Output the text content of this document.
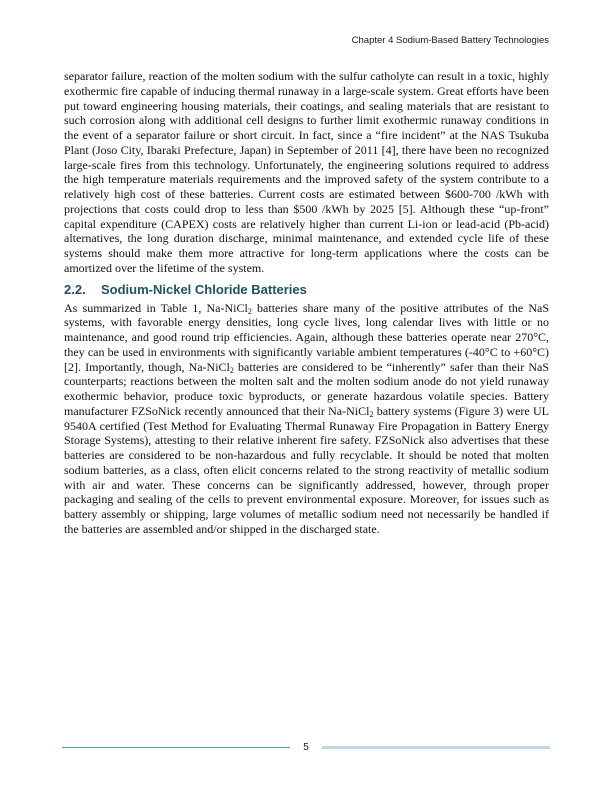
Chapter 4 Sodium-Based Battery Technologies

separator failure, reaction of the molten sodium with the sulfur catholyte can result in a toxic, highly exothermic fire capable of inducing thermal runaway in a large-scale system. Great efforts have been put toward engineering housing materials, their coatings, and sealing materials that are resistant to such corrosion along with additional cell designs to further limit exothermic runaway conditions in the event of a separator failure or short circuit. In fact, since a “fire incident” at the NAS Tsukuba Plant (Joso City, Ibaraki Prefecture, Japan) in September of 2011 [4], there have been no recognized large-scale fires from this technology. Unfortunately, the engineering solutions required to address the high temperature materials requirements and the improved safety of the system contribute to a relatively high cost of these batteries. Current costs are estimated between $600-700 /kWh with projections that costs could drop to less than $500 /kWh by 2025 [5]. Although these “up-front” capital expenditure (CAPEX) costs are relatively higher than current Li-ion or lead-acid (Pb-acid) alternatives, the long duration discharge, minimal maintenance, and extended cycle life of these systems should make them more attractive for long-term applications where the costs can be amortized over the lifetime of the system.

2.2. Sodium-Nickel Chloride Batteries

As summarized in Table 1, Na-NiCl$_2$ batteries share many of the positive attributes of the NaS systems, with favorable energy densities, long cycle lives, long calendar lives with little or no maintenance, and good round trip efficiencies. Again, although these batteries operate near 270°C, they can be used in environments with significantly variable ambient temperatures (-40°C to +60°C) [2]. Importantly, though, Na-NiCl$_2$ batteries are considered to be “inherently” safer than their NaS counterparts; reactions between the molten salt and the molten sodium anode do not yield runaway exothermic behavior, produce toxic byproducts, or generate hazardous volatile species. Battery manufacturer FZSoNick recently announced that their Na-NiCl$_2$ battery systems (Figure 3) were UL 9540A certified (Test Method for Evaluating Thermal Runaway Fire Propagation in Battery Energy Storage Systems), attesting to their relative inherent fire safety. FZSoNick also advertises that these batteries are considered to be non-hazardous and fully recyclable. It should be noted that molten sodium batteries, as a class, often elicit concerns related to the strong reactivity of metallic sodium with air and water. These concerns can be significantly addressed, however, through proper packaging and sealing of the cells to prevent environmental exposure. Moreover, for issues such as battery assembly or shipping, large volumes of metallic sodium need not necessarily be handled if the batteries are assembled and/or shipped in the discharged state.

5
